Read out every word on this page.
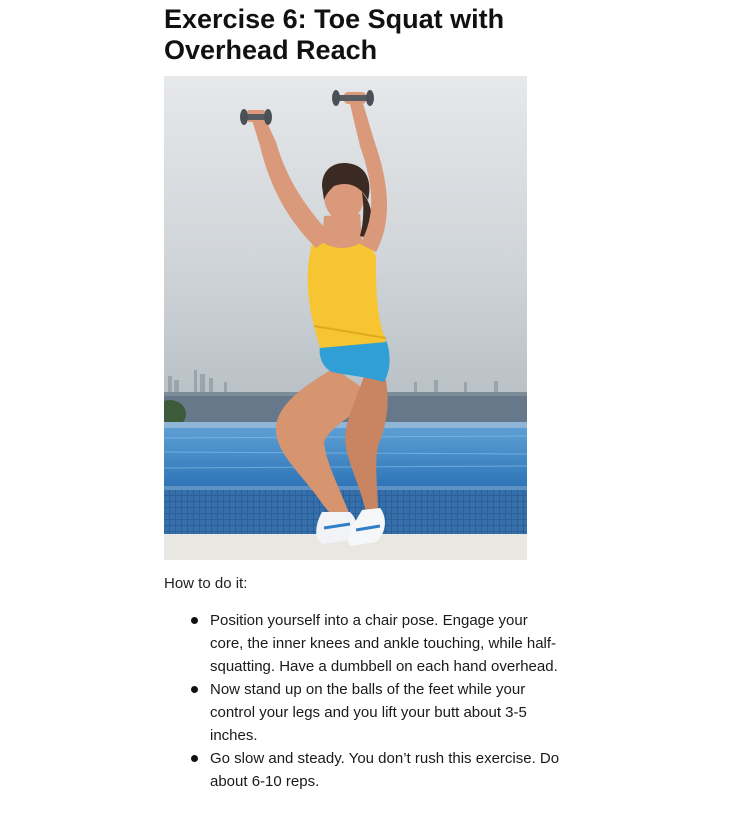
Exercise 6: Toe Squat with
Overhead Reach
How to do it:
Position yourself into a chair pose. Engage your core, the inner knees and ankle touching, while half-squatting. Have a dumbbell on each hand overhead.
Now stand up on the balls of the feet while your control your legs and you lift your butt about 3-5 inches.
Go slow and steady. You don’t rush this exercise. Do about 6-10 reps.
